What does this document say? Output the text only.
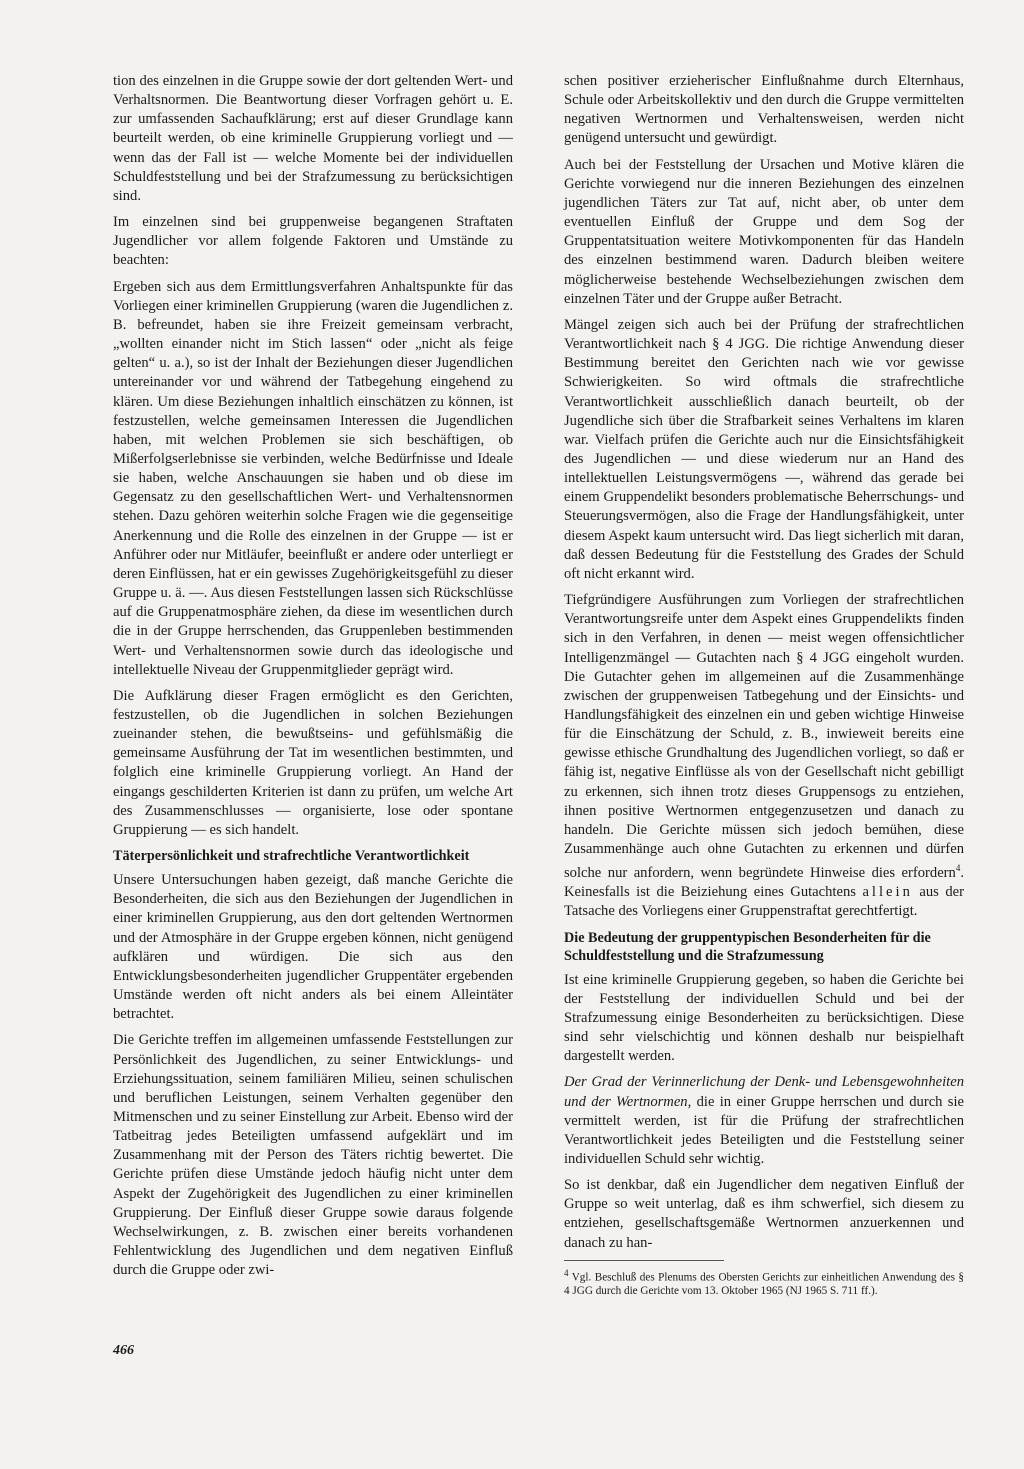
tion des einzelnen in die Gruppe sowie der dort geltenden Wert- und Verhaltsnormen. Die Beantwortung dieser Vorfragen gehört u. E. zur umfassenden Sachaufklärung; erst auf dieser Grundlage kann beurteilt werden, ob eine kriminelle Gruppierung vorliegt und — wenn das der Fall ist — welche Momente bei der individuellen Schuldfeststellung und bei der Strafzumessung zu berücksichtigen sind.

Im einzelnen sind bei gruppenweise begangenen Straftaten Jugendlicher vor allem folgende Faktoren und Umstände zu beachten:

Ergeben sich aus dem Ermittlungsverfahren Anhaltspunkte für das Vorliegen einer kriminellen Gruppierung (waren die Jugendlichen z. B. befreundet, haben sie ihre Freizeit gemeinsam verbracht, „wollten einander nicht im Stich lassen“ oder „nicht als feige gelten“ u. a.), so ist der Inhalt der Beziehungen dieser Jugendlichen untereinander vor und während der Tatbegehung eingehend zu klären. Um diese Beziehungen inhaltlich einschätzen zu können, ist festzustellen, welche gemeinsamen Interessen die Jugendlichen haben, mit welchen Problemen sie sich beschäftigen, ob Mißerfolgserlebnisse sie verbinden, welche Bedürfnisse und Ideale sie haben, welche Anschauungen sie haben und ob diese im Gegensatz zu den gesellschaftlichen Wert- und Verhaltensnormen stehen. Dazu gehören weiterhin solche Fragen wie die gegenseitige Anerkennung und die Rolle des einzelnen in der Gruppe — ist er Anführer oder nur Mitläufer, beeinflußt er andere oder unterliegt er deren Einflüssen, hat er ein gewisses Zugehörigkeitsgefühl zu dieser Gruppe u. ä. —. Aus diesen Feststellungen lassen sich Rückschlüsse auf die Gruppenatmosphäre ziehen, da diese im wesentlichen durch die in der Gruppe herrschenden, das Gruppenleben bestimmenden Wert- und Verhaltensnormen sowie durch das ideologische und intellektuelle Niveau der Gruppenmitglieder geprägt wird.

Die Aufklärung dieser Fragen ermöglicht es den Gerichten, festzustellen, ob die Jugendlichen in solchen Beziehungen zueinander stehen, die bewußtseins- und gefühlsmäßig die gemeinsame Ausführung der Tat im wesentlichen bestimmten, und folglich eine kriminelle Gruppierung vorliegt. An Hand der eingangs geschilderten Kriterien ist dann zu prüfen, um welche Art des Zusammenschlusses — organisierte, lose oder spontane Gruppierung — es sich handelt.

Täterpersönlichkeit und strafrechtliche Verantwortlichkeit

Unsere Untersuchungen haben gezeigt, daß manche Gerichte die Besonderheiten, die sich aus den Beziehungen der Jugendlichen in einer kriminellen Gruppierung, aus den dort geltenden Wertnormen und der Atmosphäre in der Gruppe ergeben können, nicht genügend aufklären und würdigen. Die sich aus den Entwicklungsbesonderheiten jugendlicher Gruppentäter ergebenden Umstände werden oft nicht anders als bei einem Alleintäter betrachtet.

Die Gerichte treffen im allgemeinen umfassende Feststellungen zur Persönlichkeit des Jugendlichen, zu seiner Entwicklungs- und Erziehungssituation, seinem familiären Milieu, seinen schulischen und beruflichen Leistungen, seinem Verhalten gegenüber den Mitmenschen und zu seiner Einstellung zur Arbeit. Ebenso wird der Tatbeitrag jedes Beteiligten umfassend aufgeklärt und im Zusammenhang mit der Person des Täters richtig bewertet. Die Gerichte prüfen diese Umstände jedoch häufig nicht unter dem Aspekt der Zugehörigkeit des Jugendlichen zu einer kriminellen Gruppierung. Der Einfluß dieser Gruppe sowie daraus folgende Wechselwirkungen, z. B. zwischen einer bereits vorhandenen Fehlentwicklung des Jugendlichen und dem negativen Einfluß durch die Gruppe oder zwi-

schen positiver erzieherischer Einflußnahme durch Elternhaus, Schule oder Arbeitskollektiv und den durch die Gruppe vermittelten negativen Wertnormen und Verhaltensweisen, werden nicht genügend untersucht und gewürdigt.

Auch bei der Feststellung der Ursachen und Motive klären die Gerichte vorwiegend nur die inneren Beziehungen des einzelnen jugendlichen Täters zur Tat auf, nicht aber, ob unter dem eventuellen Einfluß der Gruppe und dem Sog der Gruppentatsituation weitere Motivkomponenten für das Handeln des einzelnen bestimmend waren. Dadurch bleiben weitere möglicherweise bestehende Wechselbeziehungen zwischen dem einzelnen Täter und der Gruppe außer Betracht.

Mängel zeigen sich auch bei der Prüfung der strafrechtlichen Verantwortlichkeit nach § 4 JGG. Die richtige Anwendung dieser Bestimmung bereitet den Gerichten nach wie vor gewisse Schwierigkeiten. So wird oftmals die strafrechtliche Verantwortlichkeit ausschließlich danach beurteilt, ob der Jugendliche sich über die Strafbarkeit seines Verhaltens im klaren war. Vielfach prüfen die Gerichte auch nur die Einsichtsfähigkeit des Jugendlichen — und diese wiederum nur an Hand des intellektuellen Leistungsvermögens —, während das gerade bei einem Gruppendelikt besonders problematische Beherrschungs- und Steuerungsvermögen, also die Frage der Handlungsfähigkeit, unter diesem Aspekt kaum untersucht wird. Das liegt sicherlich mit daran, daß dessen Bedeutung für die Feststellung des Grades der Schuld oft nicht erkannt wird.

Tiefgründigere Ausführungen zum Vorliegen der strafrechtlichen Verantwortungsreife unter dem Aspekt eines Gruppendelikts finden sich in den Verfahren, in denen — meist wegen offensichtlicher Intelligenzmängel — Gutachten nach § 4 JGG eingeholt wurden. Die Gutachter gehen im allgemeinen auf die Zusammenhänge zwischen der gruppenweisen Tatbegehung und der Einsichts- und Handlungsfähigkeit des einzelnen ein und geben wichtige Hinweise für die Einschätzung der Schuld, z. B., inwieweit bereits eine gewisse ethische Grundhaltung des Jugendlichen vorliegt, so daß er fähig ist, negative Einflüsse als von der Gesellschaft nicht gebilligt zu erkennen, sich ihnen trotz dieses Gruppensogs zu entziehen, ihnen positive Wertnormen entgegenzusetzen und danach zu handeln. Die Gerichte müssen sich jedoch bemühen, diese Zusammenhänge auch ohne Gutachten zu erkennen und dürfen solche nur anfordern, wenn begründete Hinweise dies erfordern$^4$. Keinesfalls ist die Beiziehung eines Gutachtens allein aus der Tatsache des Vorliegens einer Gruppenstraftat gerechtfertigt.

Die Bedeutung der gruppentypischen Besonderheiten für die Schuldfeststellung und die Strafzumessung

Ist eine kriminelle Gruppierung gegeben, so haben die Gerichte bei der Feststellung der individuellen Schuld und bei der Strafzumessung einige Besonderheiten zu berücksichtigen. Diese sind sehr vielschichtig und können deshalb nur beispielhaft dargestellt werden.

Der Grad der Verinnerlichung der Denk- und Lebensgewohnheiten und der Wertnormen, die in einer Gruppe herrschen und durch sie vermittelt werden, ist für die Prüfung der strafrechtlichen Verantwortlichkeit jedes Beteiligten und die Feststellung seiner individuellen Schuld sehr wichtig.

So ist denkbar, daß ein Jugendlicher dem negativen Einfluß der Gruppe so weit unterlag, daß es ihm schwerfiel, sich diesem zu entziehen, gesellschaftsgemäße Wertnormen anzuerkennen und danach zu han-

$^4$ Vgl. Beschluß des Plenums des Obersten Gerichts zur einheitlichen Anwendung des § 4 JGG durch die Gerichte vom 13. Oktober 1965 (NJ 1965 S. 711 ff.).
466
